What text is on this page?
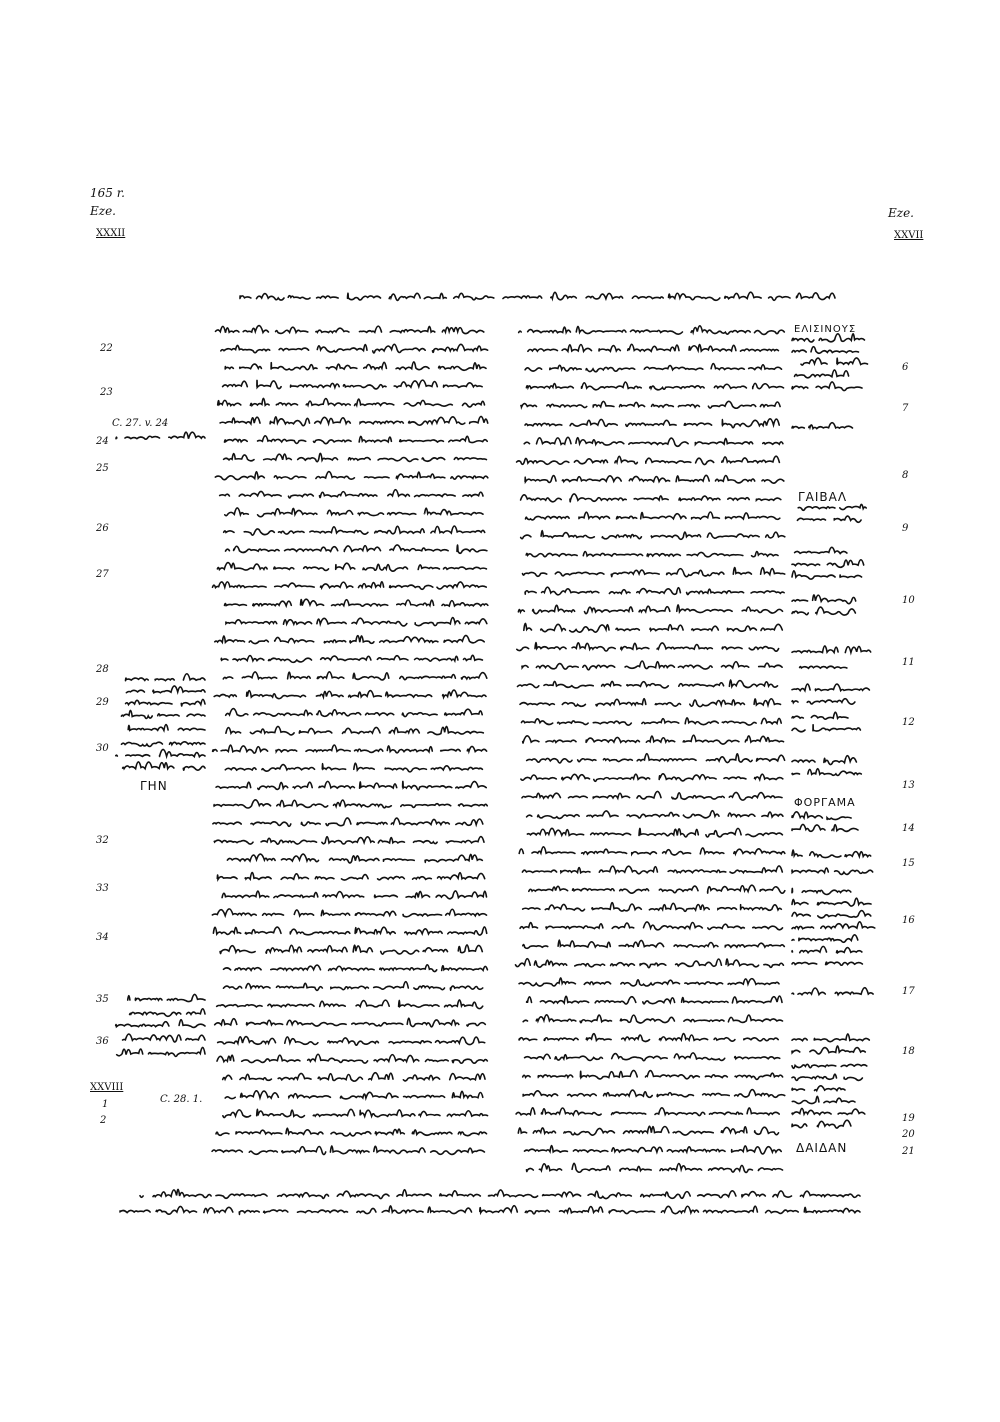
165 r.
Eze.
XXXII
Eze.
XXVII
22
23
24
25
26
27
28
29
30
32
33
34
35
36
XXVIII
1
2
C. 27. v. 24
C. 28. 1.
ΓΗΝ
6
7
8
9
10
11
12
13
14
15
16
17
18
19
20
21
ΕΛΙΣΙΝΟΥΣ
ΓΑΙΒΑΛ
ΦΟΡΓΑΜΑ
ΔΑΙΔΑΝ
